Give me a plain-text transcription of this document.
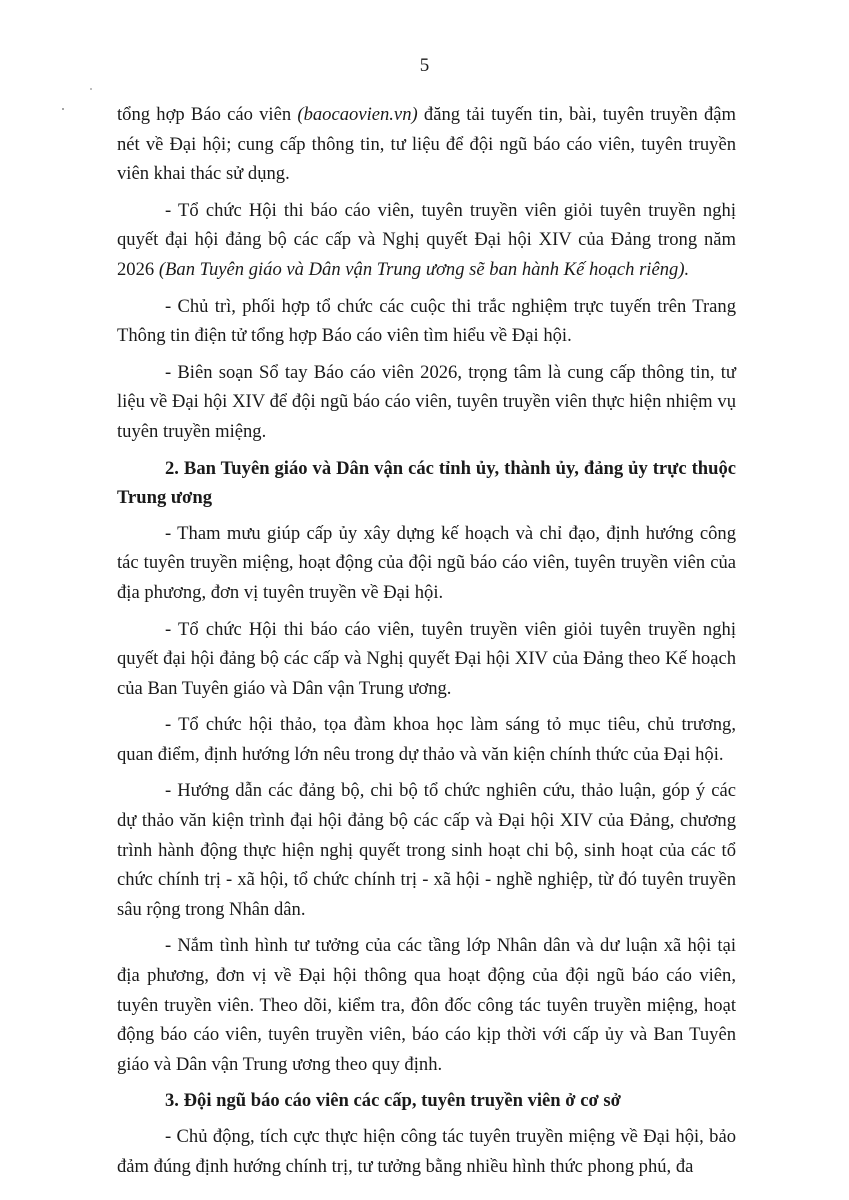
5

tổng hợp Báo cáo viên (baocaovien.vn) đăng tải tuyến tin, bài, tuyên truyền đậm nét về Đại hội; cung cấp thông tin, tư liệu để đội ngũ báo cáo viên, tuyên truyền viên khai thác sử dụng.

- Tổ chức Hội thi báo cáo viên, tuyên truyền viên giỏi tuyên truyền nghị quyết đại hội đảng bộ các cấp và Nghị quyết Đại hội XIV của Đảng trong năm 2026 (Ban Tuyên giáo và Dân vận Trung ương sẽ ban hành Kế hoạch riêng).

- Chủ trì, phối hợp tổ chức các cuộc thi trắc nghiệm trực tuyến trên Trang Thông tin điện tử tổng hợp Báo cáo viên tìm hiểu về Đại hội.

- Biên soạn Sổ tay Báo cáo viên 2026, trọng tâm là cung cấp thông tin, tư liệu về Đại hội XIV để đội ngũ báo cáo viên, tuyên truyền viên thực hiện nhiệm vụ tuyên truyền miệng.

2. Ban Tuyên giáo và Dân vận các tỉnh ủy, thành ủy, đảng ủy trực thuộc Trung ương

- Tham mưu giúp cấp ủy xây dựng kế hoạch và chỉ đạo, định hướng công tác tuyên truyền miệng, hoạt động của đội ngũ báo cáo viên, tuyên truyền viên của địa phương, đơn vị tuyên truyền về Đại hội.

- Tổ chức Hội thi báo cáo viên, tuyên truyền viên giỏi tuyên truyền nghị quyết đại hội đảng bộ các cấp và Nghị quyết Đại hội XIV của Đảng theo Kế hoạch của Ban Tuyên giáo và Dân vận Trung ương.

- Tổ chức hội thảo, tọa đàm khoa học làm sáng tỏ mục tiêu, chủ trương, quan điểm, định hướng lớn nêu trong dự thảo và văn kiện chính thức của Đại hội.

- Hướng dẫn các đảng bộ, chi bộ tổ chức nghiên cứu, thảo luận, góp ý các dự thảo văn kiện trình đại hội đảng bộ các cấp và Đại hội XIV của Đảng, chương trình hành động thực hiện nghị quyết trong sinh hoạt chi bộ, sinh hoạt của các tổ chức chính trị - xã hội, tổ chức chính trị - xã hội - nghề nghiệp, từ đó tuyên truyền sâu rộng trong Nhân dân.

- Nắm tình hình tư tưởng của các tầng lớp Nhân dân và dư luận xã hội tại địa phương, đơn vị về Đại hội thông qua hoạt động của đội ngũ báo cáo viên, tuyên truyền viên. Theo dõi, kiểm tra, đôn đốc công tác tuyên truyền miệng, hoạt động báo cáo viên, tuyên truyền viên, báo cáo kịp thời với cấp ủy và Ban Tuyên giáo và Dân vận Trung ương theo quy định.

3. Đội ngũ báo cáo viên các cấp, tuyên truyền viên ở cơ sở

- Chủ động, tích cực thực hiện công tác tuyên truyền miệng về Đại hội, bảo đảm đúng định hướng chính trị, tư tưởng bằng nhiều hình thức phong phú, đa
